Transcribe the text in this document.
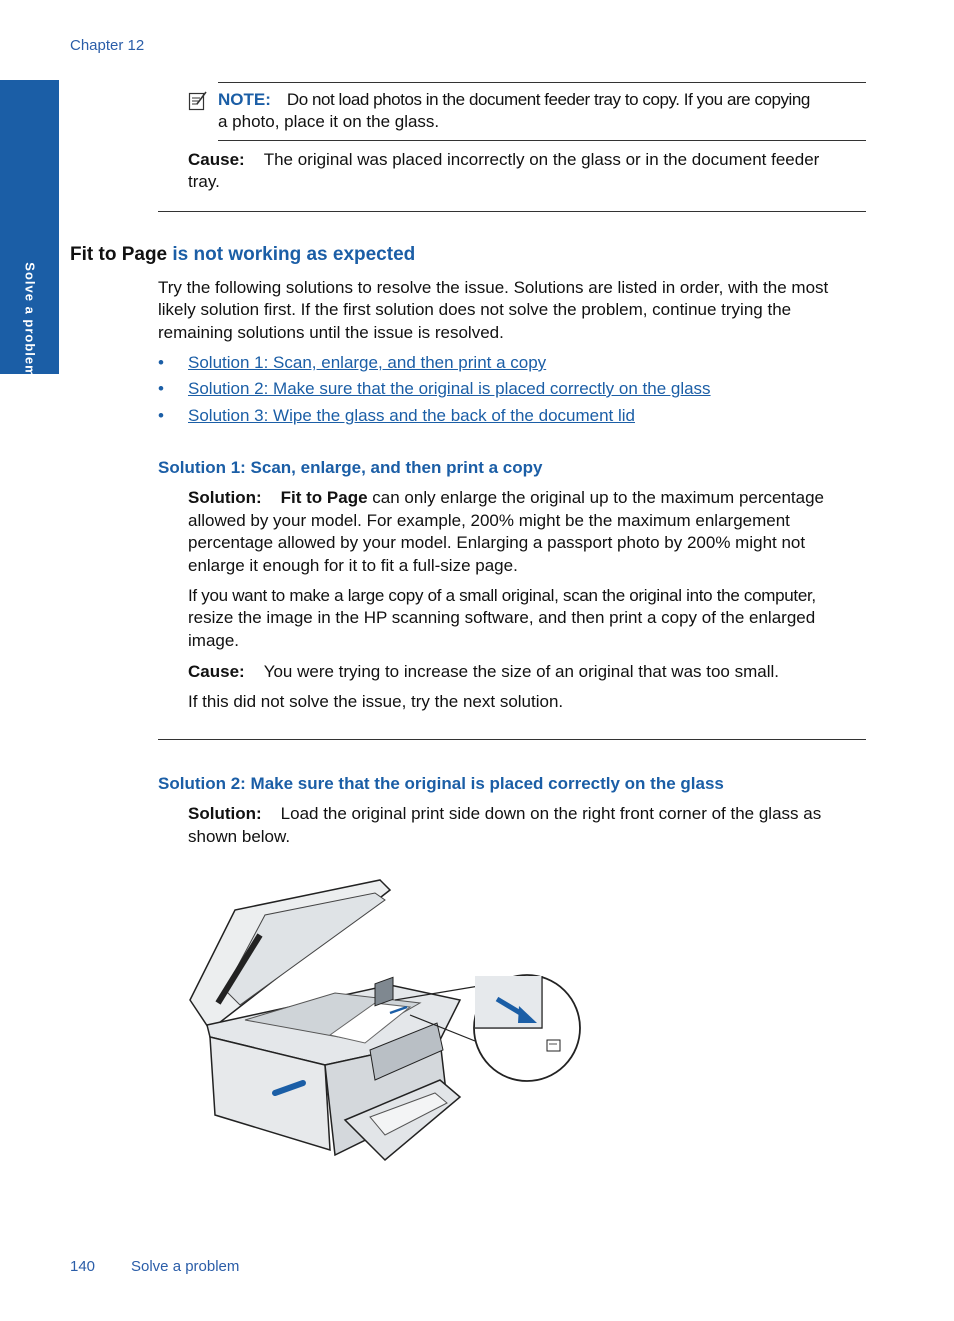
Chapter 12
Solve a problem
NOTE: Do not load photos in the document feeder tray to copy. If you are copying
a photo, place it on the glass.
Cause: The original was placed incorrectly on the glass or in the document feeder
tray.
Fit to Page is not working as expected
Try the following solutions to resolve the issue. Solutions are listed in order, with the most
likely solution first. If the first solution does not solve the problem, continue trying the
remaining solutions until the issue is resolved.
• Solution 1: Scan, enlarge, and then print a copy
• Solution 2: Make sure that the original is placed correctly on the glass
• Solution 3: Wipe the glass and the back of the document lid
Solution 1: Scan, enlarge, and then print a copy
Solution: Fit to Page can only enlarge the original up to the maximum percentage
allowed by your model. For example, 200% might be the maximum enlargement
percentage allowed by your model. Enlarging a passport photo by 200% might not
enlarge it enough for it to fit a full-size page.
If you want to make a large copy of a small original, scan the original into the computer,
resize the image in the HP scanning software, and then print a copy of the enlarged
image.
Cause: You were trying to increase the size of an original that was too small.
If this did not solve the issue, try the next solution.
Solution 2: Make sure that the original is placed correctly on the glass
Solution: Load the original print side down on the right front corner of the glass as
shown below.
140 Solve a problem
